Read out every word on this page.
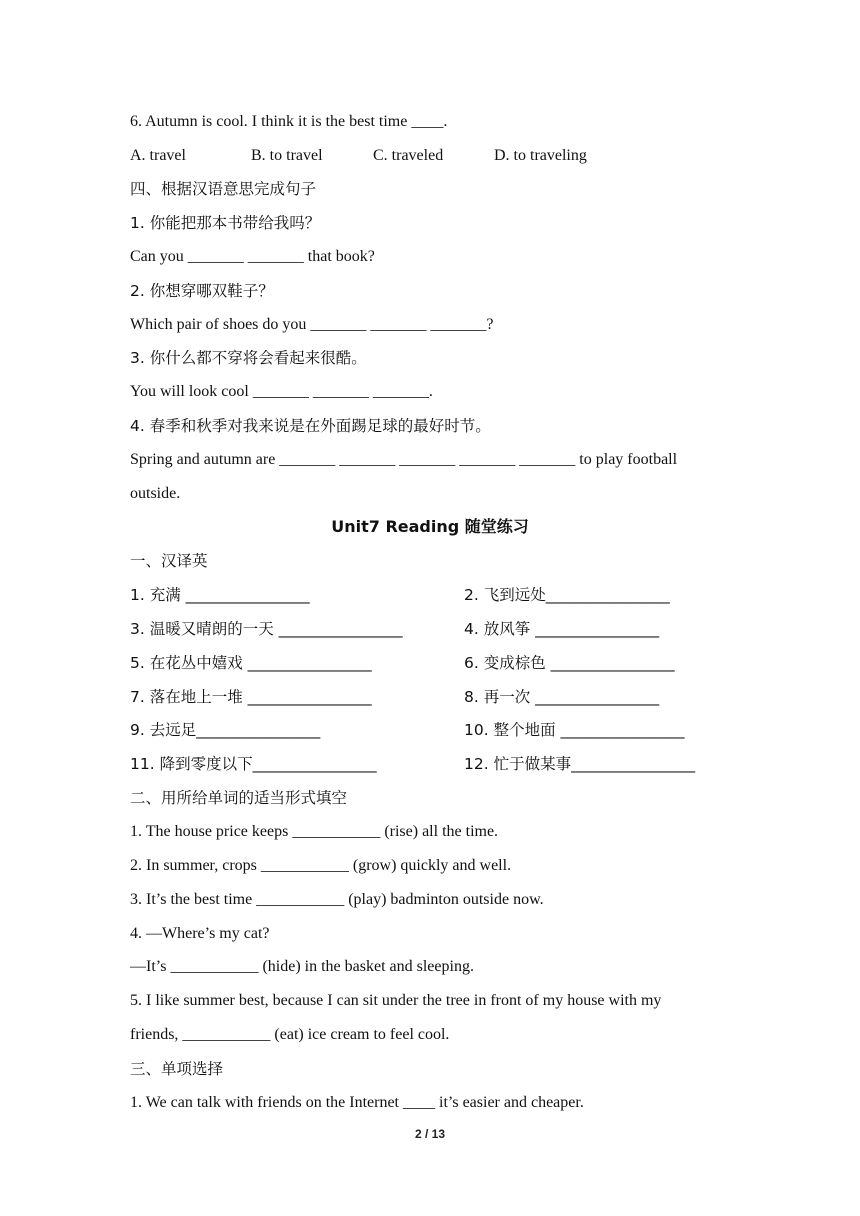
6. Autumn is cool. I think it is the best time ____.
A. travel	B. to travel	C. traveled	D. to traveling
四、根据汉语意思完成句子
1. 你能把那本书带给我吗？
Can you _______ _______ that book?
2. 你想穿哪双鞋子？
Which pair of shoes do you _______ _______ _______?
3. 你什么都不穿将会看起来很酷。
You will look cool _______ _______ _______.
4. 春季和秋季对我来说是在外面踢足球的最好时节。
Spring and autumn are _______ _______ _______ _______ _______ to play football
outside.
Unit7 Reading 随堂练习
一、汉译英
1. 充满 ________________	2. 飞到远处________________
3. 温暖又晴朗的一天 ________________	4. 放风筝 ________________
5. 在花丛中嬉戏 ________________	6. 变成棕色 ________________
7. 落在地上一堆 ________________	8. 再一次 ________________
9. 去远足________________	10. 整个地面 ________________
11. 降到零度以下________________	12. 忙于做某事________________
二、用所给单词的适当形式填空
1. The house price keeps ___________ (rise) all the time.
2. In summer, crops ___________ (grow) quickly and well.
3. It’s the best time ___________ (play) badminton outside now.
4. —Where’s my cat?
—It’s ___________ (hide) in the basket and sleeping.
5. I like summer best, because I can sit under the tree in front of my house with my
friends, ___________ (eat) ice cream to feel cool.
三、单项选择
1. We can talk with friends on the Internet ____ it’s easier and cheaper.
2 / 13
